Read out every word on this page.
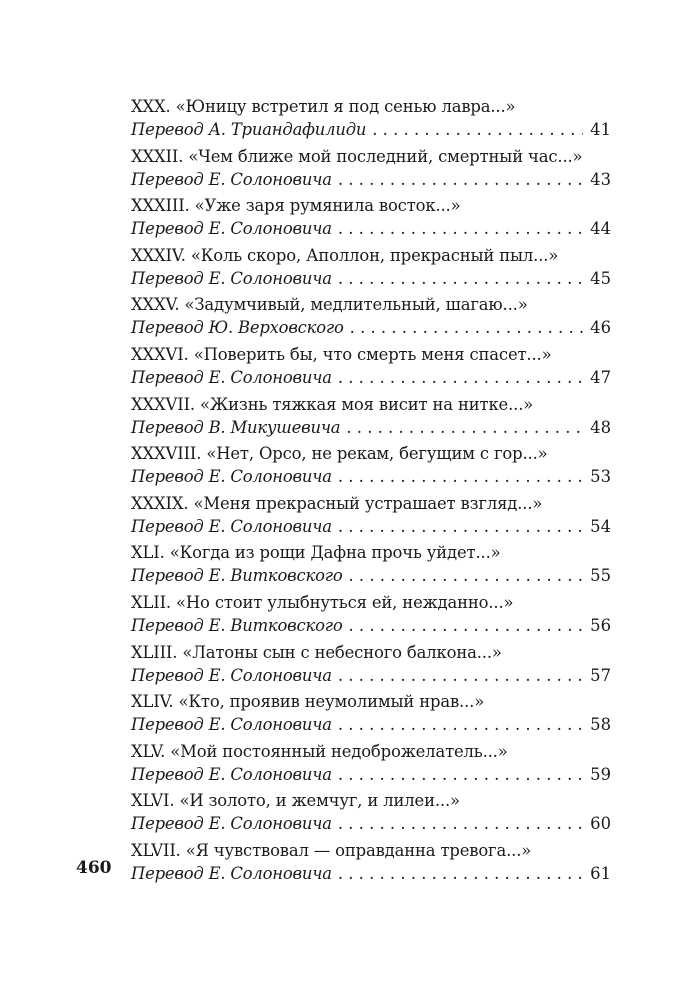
XXX. «Юницу встретил я под сенью лавра...»
Перевод А. Триандафилиди . . .	41
XXXII. «Чем ближе мой последний, смертный час...»
Перевод Е. Солоновича . . .	43
XXXIII. «Уже заря румянила восток...»
Перевод Е. Солоновича . . .	44
XXXIV. «Коль скоро, Аполлон, прекрасный пыл...»
Перевод Е. Солоновича . . .	45
XXXV. «Задумчивый, медлительный, шагаю...»
Перевод Ю. Верховского . . .	46
XXXVI. «Поверить бы, что смерть меня спасет...»
Перевод Е. Солоновича . . .	47
XXXVII. «Жизнь тяжкая моя висит на нитке...»
Перевод В. Микушевича . . .	48
XXXVIII. «Нет, Орсо, не рекам, бегущим с гор...»
Перевод Е. Солоновича . . .	53
XXXIX. «Меня прекрасный устрашает взгляд...»
Перевод Е. Солоновича . . .	54
XLI. «Когда из рощи Дафна прочь уйдет...»
Перевод Е. Витковского . . .	55
XLII. «Но стоит улыбнуться ей, нежданно...»
Перевод Е. Витковского . . .	56
XLIII. «Латоны сын с небесного балкона...»
Перевод Е. Солоновича . . .	57
XLIV. «Кто, проявив неумолимый нрав...»
Перевод Е. Солоновича . . .	58
XLV. «Мой постоянный недоброжелатель...»
Перевод Е. Солоновича . . .	59
XLVI. «И золото, и жемчуг, и лилеи...»
Перевод Е. Солоновича . . .	60
XLVII. «Я чувствовал — оправданна тревога...»
Перевод Е. Солоновича . . .	61
460
